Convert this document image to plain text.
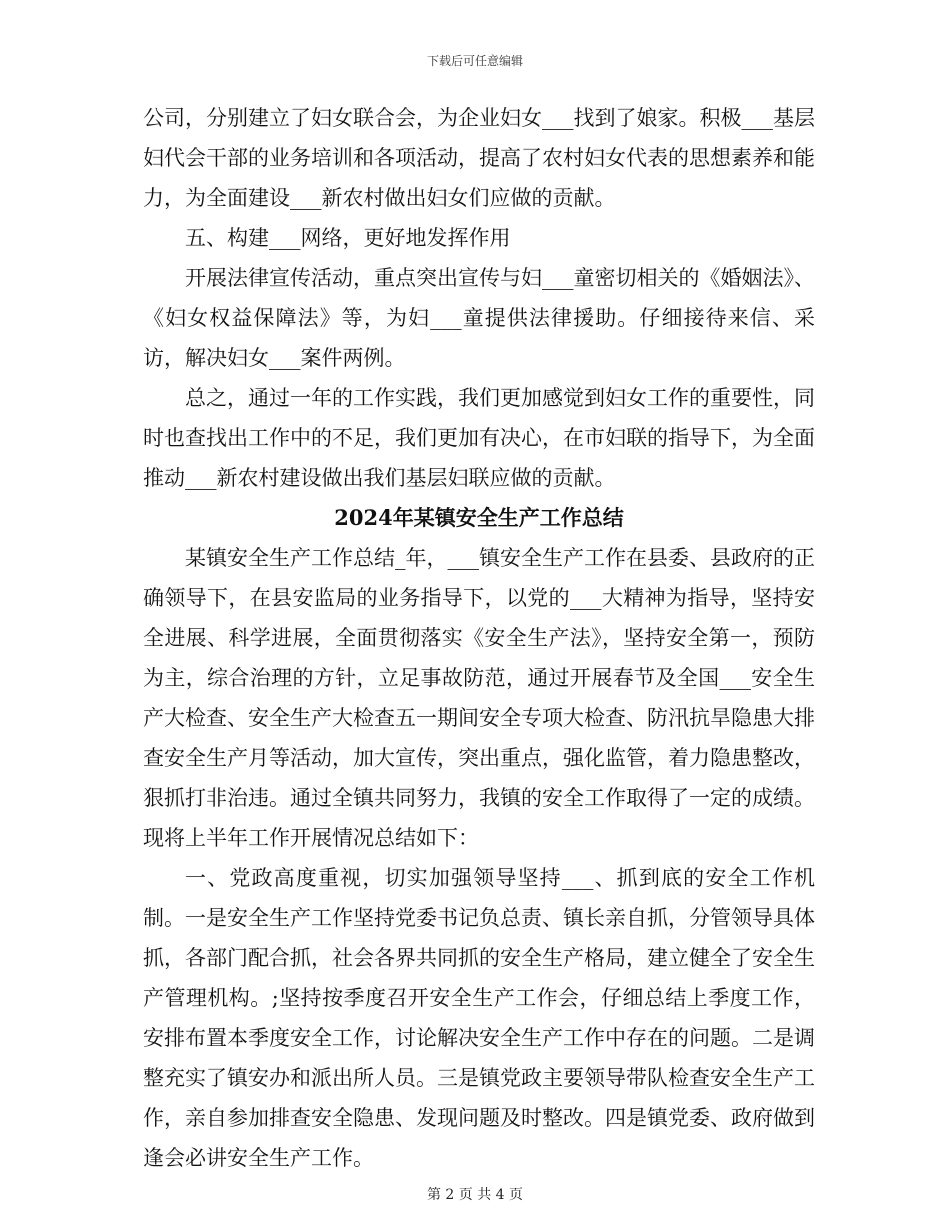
下载后可任意编辑

公司，分别建立了妇女联合会，为企业妇女___找到了娘家。积极___基层妇代会干部的业务培训和各项活动，提高了农村妇女代表的思想素养和能力，为全面建设___新农村做出妇女们应做的贡献。

五、构建___网络，更好地发挥作用

开展法律宣传活动，重点突出宣传与妇___童密切相关的《婚姻法》、《妇女权益保障法》等，为妇___童提供法律援助。仔细接待来信、采访，解决妇女___案件两例。

总之，通过一年的工作实践，我们更加感觉到妇女工作的重要性，同时也查找出工作中的不足，我们更加有决心，在市妇联的指导下，为全面推动___新农村建设做出我们基层妇联应做的贡献。

2024年某镇安全生产工作总结

某镇安全生产工作总结_年，___镇安全生产工作在县委、县政府的正确领导下，在县安监局的业务指导下，以党的___大精神为指导，坚持安全进展、科学进展，全面贯彻落实《安全生产法》，坚持安全第一，预防为主，综合治理的方针，立足事故防范，通过开展春节及全国___安全生产大检查、安全生产大检查五一期间安全专项大检查、防汛抗旱隐患大排查安全生产月等活动，加大宣传，突出重点，强化监管，着力隐患整改，狠抓打非治违。通过全镇共同努力，我镇的安全工作取得了一定的成绩。现将上半年工作开展情况总结如下：

一、党政高度重视，切实加强领导坚持___、抓到底的安全工作机制。一是安全生产工作坚持党委书记负总责、镇长亲自抓，分管领导具体抓，各部门配合抓，社会各界共同抓的安全生产格局，建立健全了安全生产管理机构。;坚持按季度召开安全生产工作会，仔细总结上季度工作，安排布置本季度安全工作，讨论解决安全生产工作中存在的问题。二是调整充实了镇安办和派出所人员。三是镇党政主要领导带队检查安全生产工作，亲自参加排查安全隐患、发现问题及时整改。四是镇党委、政府做到逢会必讲安全生产工作。

第 2 页 共 4 页
